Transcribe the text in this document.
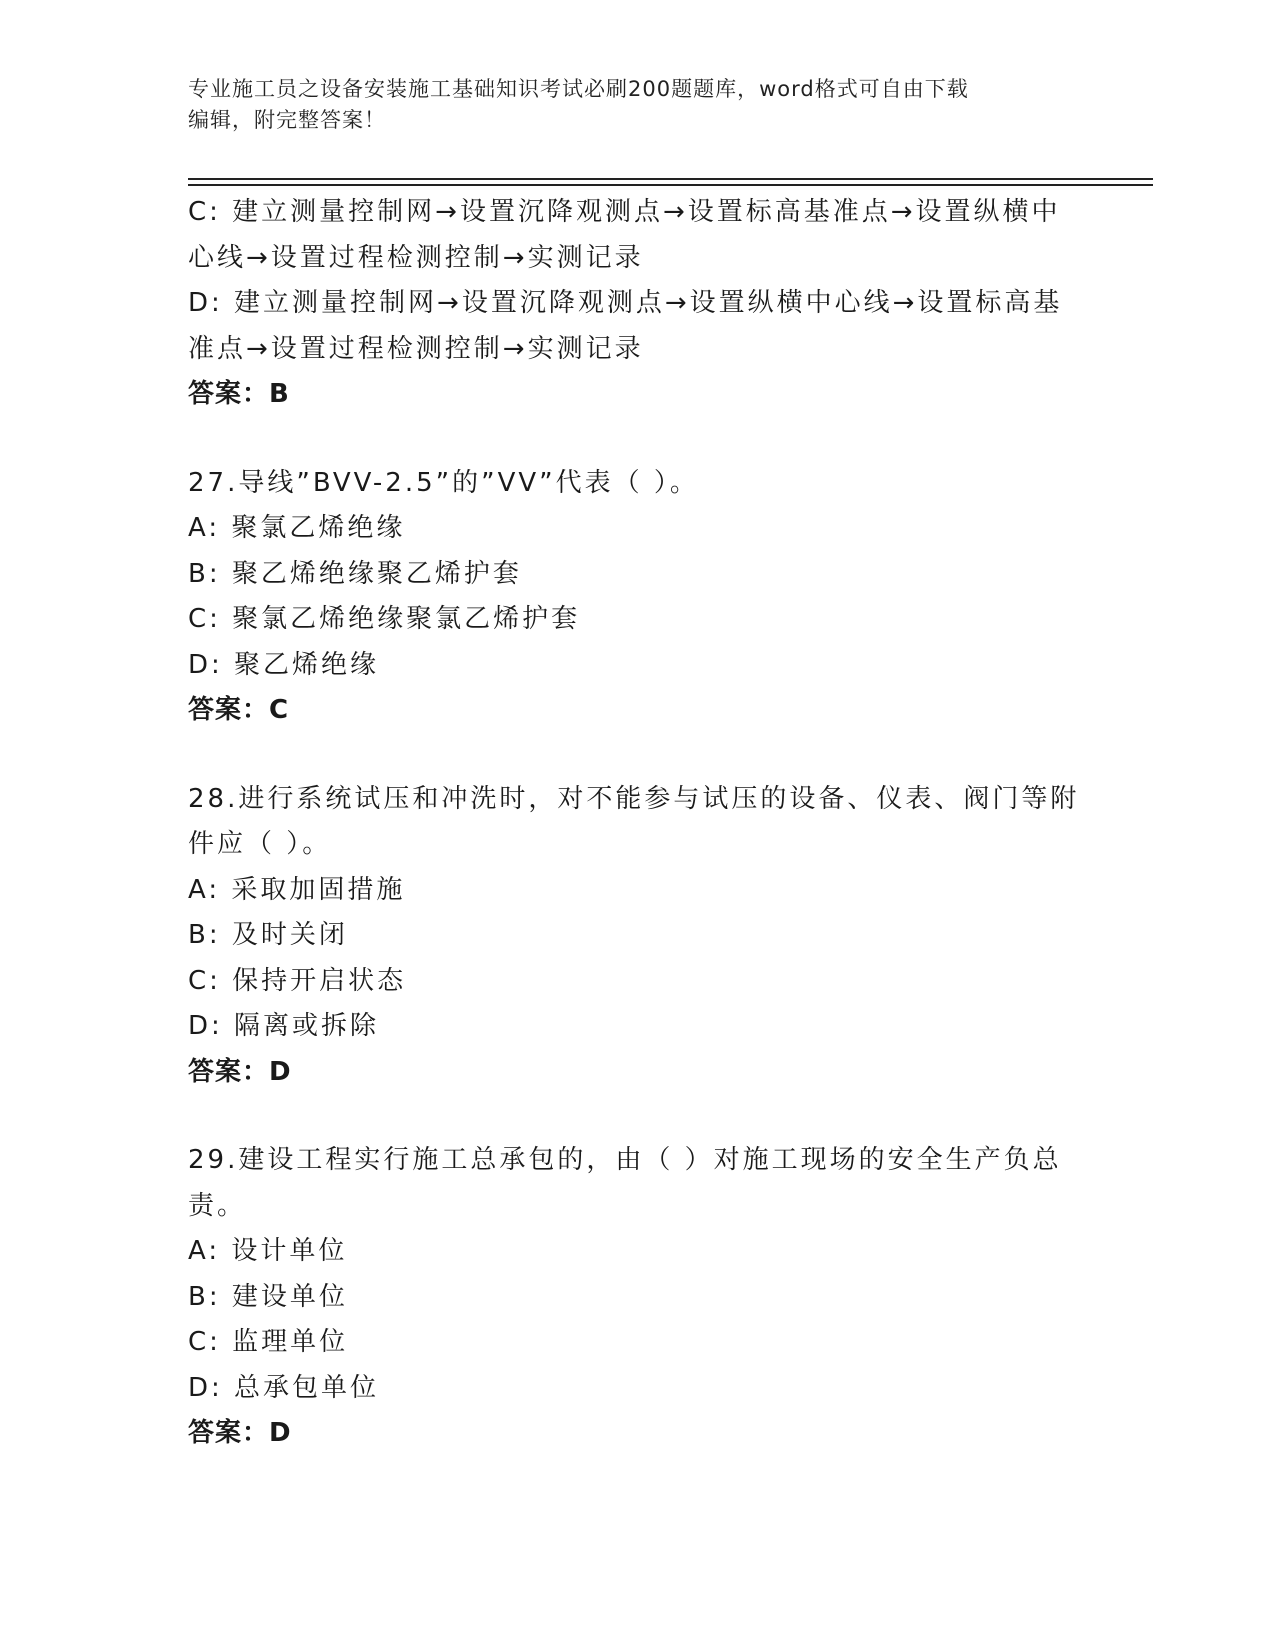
专业施工员之设备安装施工基础知识考试必刷200题题库，word格式可自由下载
编辑，附完整答案！
C: 建立测量控制网→设置沉降观测点→设置标高基准点→设置纵横中
心线→设置过程检测控制→实测记录
D: 建立测量控制网→设置沉降观测点→设置纵横中心线→设置标高基
准点→设置过程检测控制→实测记录
答案：B
27.导线”BVV-2.5”的”VV”代表（ ）。
A: 聚氯乙烯绝缘
B: 聚乙烯绝缘聚乙烯护套
C: 聚氯乙烯绝缘聚氯乙烯护套
D: 聚乙烯绝缘
答案：C
28.进行系统试压和冲洗时，对不能参与试压的设备、仪表、阀门等附
件应（ ）。
A: 采取加固措施
B: 及时关闭
C: 保持开启状态
D: 隔离或拆除
答案：D
29.建设工程实行施工总承包的，由（ ）对施工现场的安全生产负总
责。
A: 设计单位
B: 建设单位
C: 监理单位
D: 总承包单位
答案：D
